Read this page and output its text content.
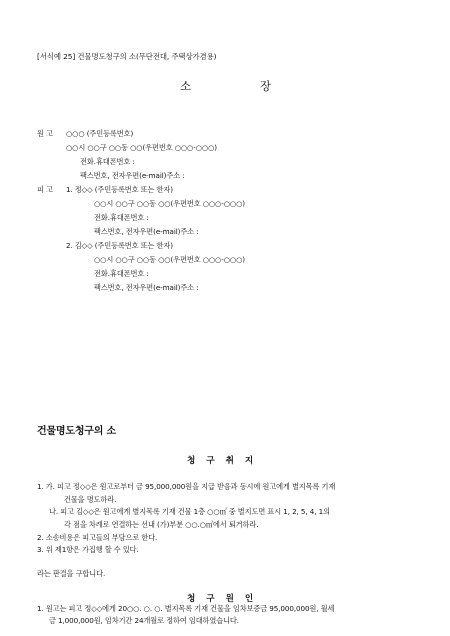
[서식예 25] 건물명도청구의 소(무단전대, 주택상가겸용)
소	장
원 고 ○○○ (주민등록번호)
○○시 ○○구 ○○동 ○○(우편번호 ○○○-○○○)
전화․휴대폰번호 :
팩스번호, 전자우편(e-mail)주소 :
피 고 1. 정◇◇ (주민등록번호 또는 한자)
○○시 ○○구 ○○동 ○○(우편번호 ○○○-○○○)
전화․휴대폰번호 :
팩스번호, 전자우편(e-mail)주소 :
2. 김◇◇ (주민등록번호 또는 한자)
○○시 ○○구 ○○동 ○○(우편번호 ○○○-○○○)
전화․휴대폰번호 :
팩스번호, 전자우편(e-mail)주소 :
건물명도청구의 소
청 구 취 지
1. 가. 피고 정◇◇은 원고로부터 금 95,000,000원을 지급 받음과 동시에 원고에게 별지목록 기재
건물을 명도하라.
나. 피고 김◇◇은 원고에게 별지목록 기재 건물 1층 ○○㎡ 중 별지도면 표시 1, 2, 5, 4, 1의
각 점을 차례로 연결하는 선내 (가)부분 ○○.○㎡에서 퇴거하라.
2. 소송비용은 피고들의 부담으로 한다.
3. 위 제1항은 가집행 할 수 있다.
라는 판결을 구합니다.
청 구 원 인
1. 원고는 피고 정◇◇에게 20○○. ○. ○. 별지목록 기재 건물을 임차보증금 95,000,000원, 월세
금 1,000,000원, 임차기간 24개월로 정하여 임대하였습니다.
